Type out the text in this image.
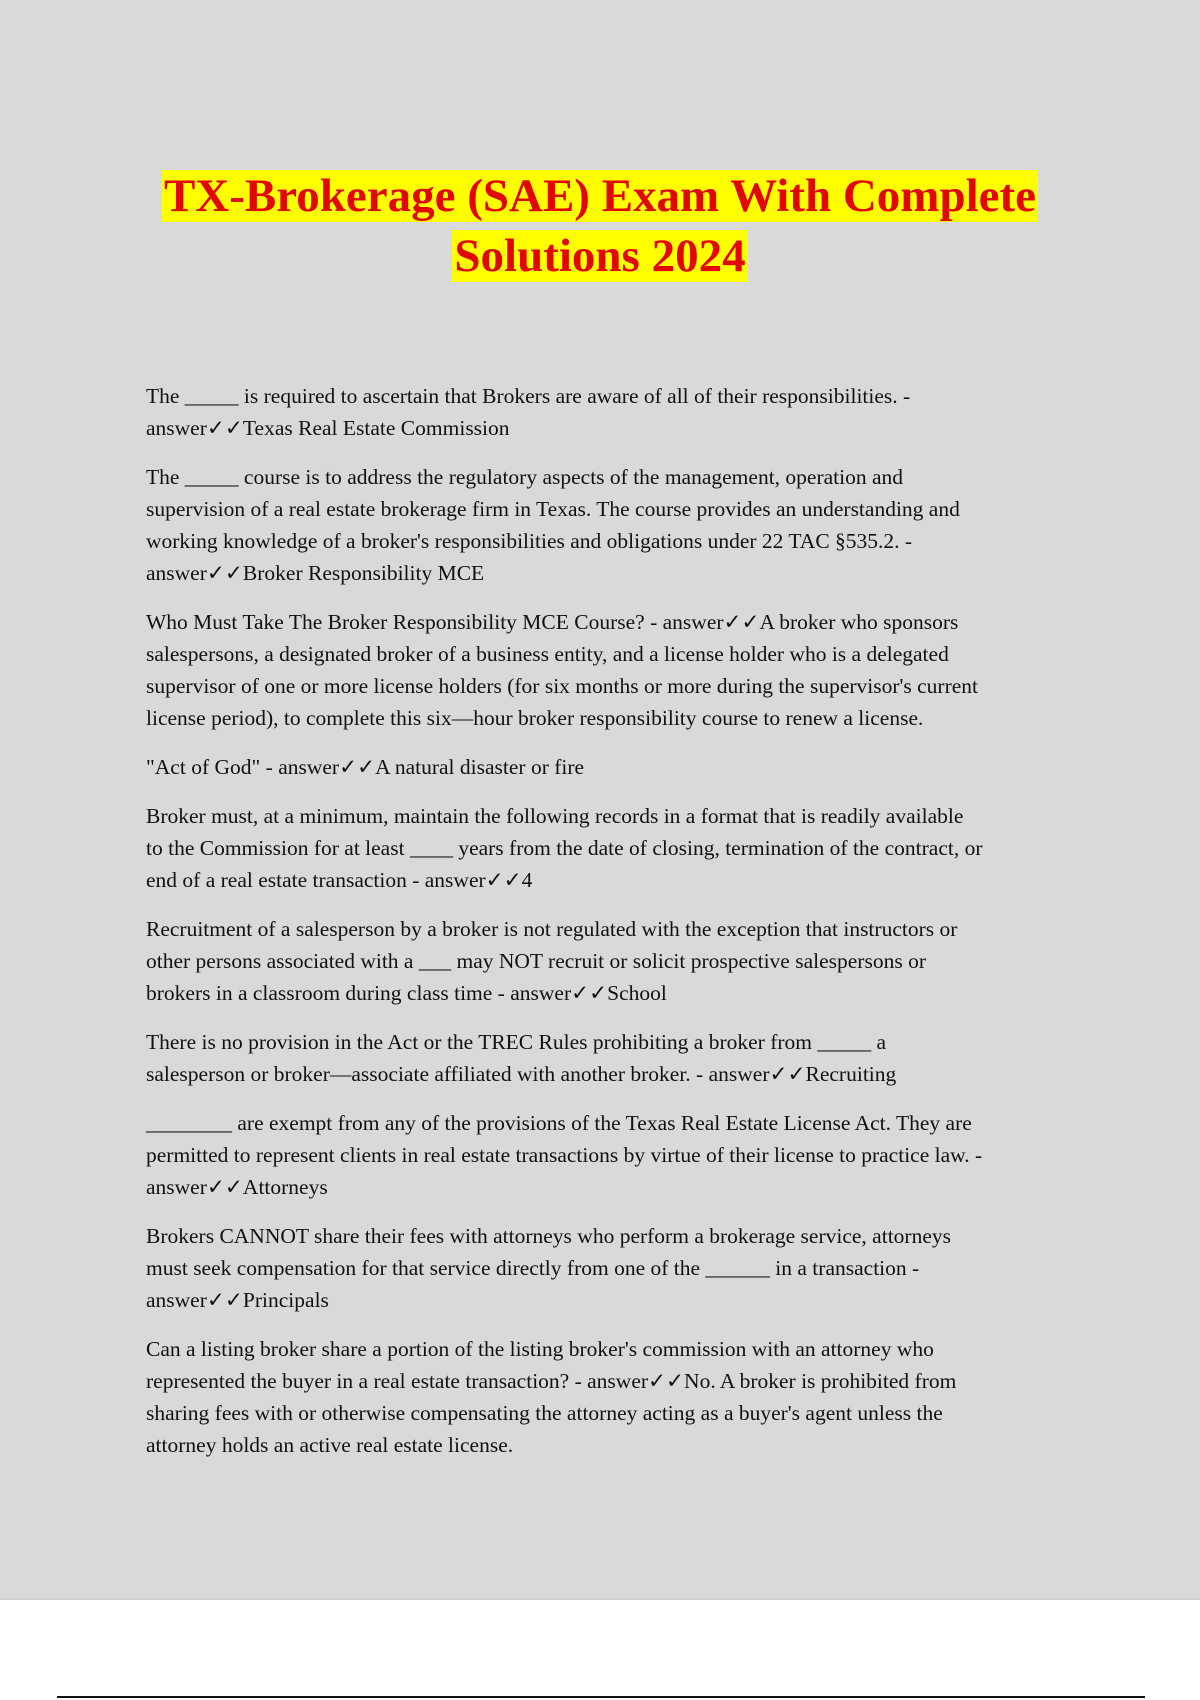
TX-Brokerage (SAE) Exam With Complete
Solutions 2024
The _____ is required to ascertain that Brokers are aware of all of their responsibilities. -
answer✓✓Texas Real Estate Commission
The _____ course is to address the regulatory aspects of the management, operation and
supervision of a real estate brokerage firm in Texas. The course provides an understanding and
working knowledge of a broker's responsibilities and obligations under 22 TAC §535.2. -
answer✓✓Broker Responsibility MCE
Who Must Take The Broker Responsibility MCE Course? - answer✓✓A broker who sponsors
salespersons, a designated broker of a business entity, and a license holder who is a delegated
supervisor of one or more license holders (for six months or more during the supervisor's current
license period), to complete this six—hour broker responsibility course to renew a license.
"Act of God" - answer✓✓A natural disaster or fire
Broker must, at a minimum, maintain the following records in a format that is readily available
to the Commission for at least ____ years from the date of closing, termination of the contract, or
end of a real estate transaction - answer✓✓4
Recruitment of a salesperson by a broker is not regulated with the exception that instructors or
other persons associated with a ___ may NOT recruit or solicit prospective salespersons or
brokers in a classroom during class time - answer✓✓School
There is no provision in the Act or the TREC Rules prohibiting a broker from _____ a
salesperson or broker—associate affiliated with another broker. - answer✓✓Recruiting
________ are exempt from any of the provisions of the Texas Real Estate License Act. They are
permitted to represent clients in real estate transactions by virtue of their license to practice law. -
answer✓✓Attorneys
Brokers CANNOT share their fees with attorneys who perform a brokerage service, attorneys
must seek compensation for that service directly from one of the ______ in a transaction -
answer✓✓Principals
Can a listing broker share a portion of the listing broker's commission with an attorney who
represented the buyer in a real estate transaction? - answer✓✓No. A broker is prohibited from
sharing fees with or otherwise compensating the attorney acting as a buyer's agent unless the
attorney holds an active real estate license.
